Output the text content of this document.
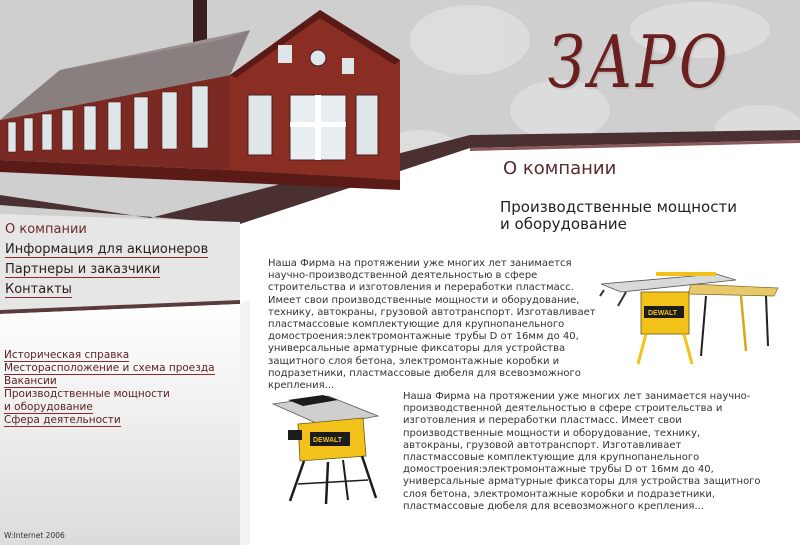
ЗАРО
О компании
Производственные мощности и оборудование
О компании
Информация для акционеров
Партнеры и заказчики
Контакты
Историческая справка
Месторасположение и схема проезда
Вакансии
Производственные мощности
и оборудование
Сфера деятельности
Наша Фирма на протяжении уже многих лет занимается научно-производственной деятельностью в сфере строительства и изготовления и переработки пластмасс. Имеет свои производственные мощности и оборудование, технику, автокраны, грузовой автотранспорт. Изготавливает пластмассовые комплектующие для крупнопанельного домостроения:электромонтажные трубы D от 16мм до 40, универсальные арматурные фиксаторы для устройства защитного слоя бетона, электромонтажные коробки и подразетники, пластмассовые дюбеля для всевозможного крепления...
Наша Фирма на протяжении уже многих лет занимается научно-производственной деятельностью в сфере строительства и изготовления и переработки пластмасс. Имеет свои производственные мощности и оборудование, технику, автокраны, грузовой автотранспорт. Изготавливает пластмассовые комплектующие для крупнопанельного домостроения:электромонтажные трубы D от 16мм до 40, универсальные арматурные фиксаторы для устройства защитного слоя бетона, электромонтажные коробки и подразетники, пластмассовые дюбеля для всевозможного крепления...
DEWALT
DEWALT
W:Internet 2006
